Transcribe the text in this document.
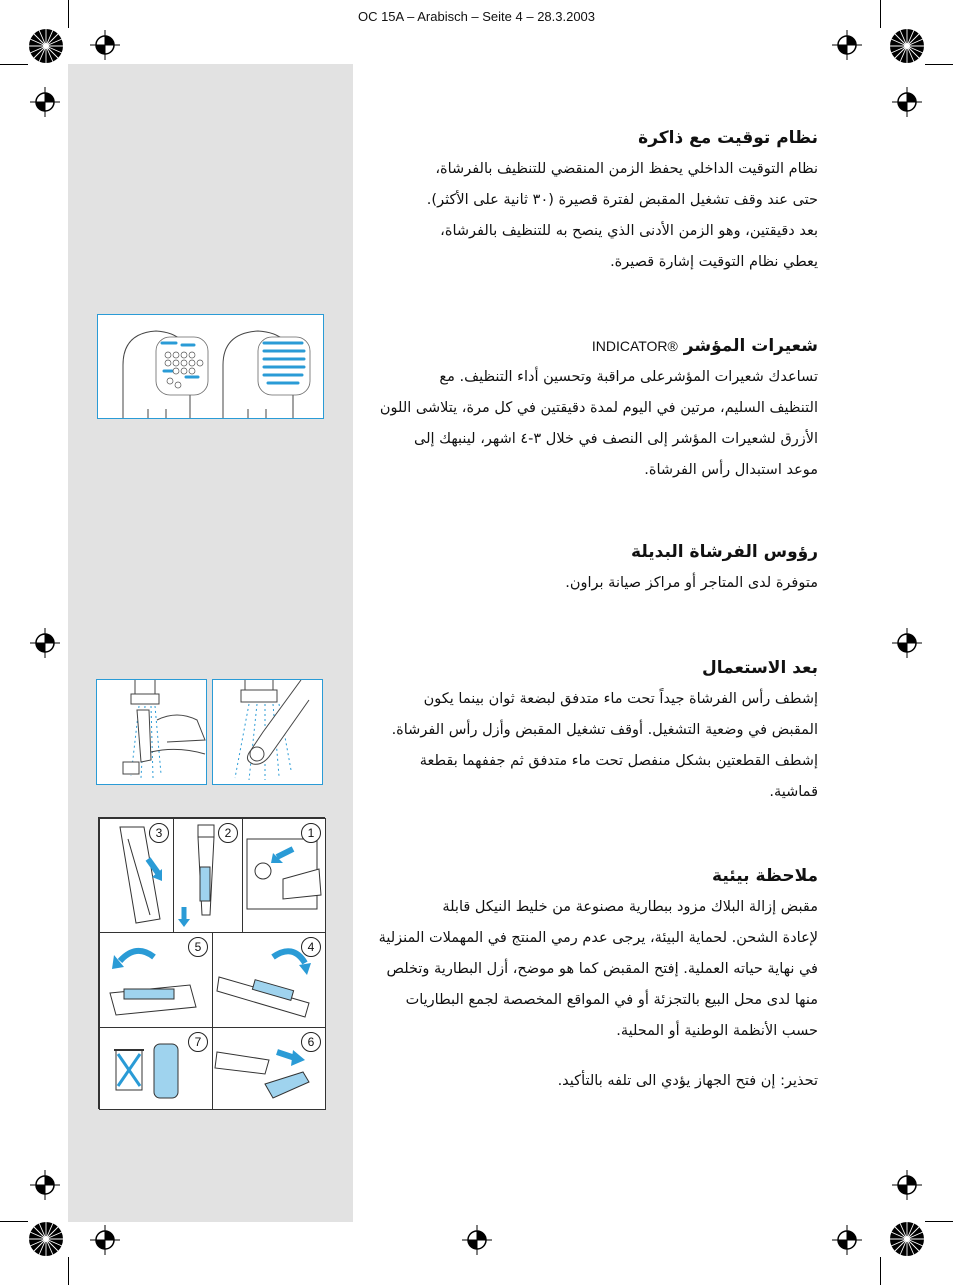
OC 15A – Arabisch – Seite 4 – 28.3.2003

نظام توقيت مع ذاكرة

نظام التوقيت الداخلي يحفظ الزمن المنقضي للتنظيف بالفرشاة،

حتى عند وقف تشغيل المقبض لفترة قصيرة (٣٠ ثانية على الأكثر).

بعد دقيقتين، وهو الزمن الأدنى الذي ينصح به للتنظيف بالفرشاة،

يعطي نظام التوقيت إشارة قصيرة.

شعيرات المؤشر INDICATOR®

تساعدك شعيرات المؤشرعلى مراقبة وتحسين أداء التنظيف. مع

التنظيف السليم، مرتين في اليوم لمدة دقيقتين في كل مرة، يتلاشى اللون

الأزرق لشعيرات المؤشر إلى النصف في خلال ٣-٤ اشهر، لينبهك إلى

موعد استبدال رأس الفرشاة.

رؤوس الفرشاة البديلة

متوفرة لدى المتاجر أو مراكز صيانة براون.

بعد الاستعمال

إشطف رأس الفرشاة جيداً تحت ماء متدفق لبضعة ثوان بينما يكون

المقبض في وضعية التشغيل. أوقف تشغيل المقبض وأزل رأس الفرشاة.

إشطف القطعتين بشكل منفصل تحت ماء متدفق ثم جففهما بقطعة

قماشية.

ملاحظة بيئية

مقبض إزالة البلاك مزود ببطارية مصنوعة من خليط النيكل قابلة

لإعادة الشحن. لحماية البيئة، يرجى عدم رمي المنتج في المهملات المنزلية

في نهاية حياته العملية. إفتح المقبض كما هو موضح، أزل البطارية وتخلص

منها لدى محل البيع بالتجزئة أو في المواقع المخصصة لجمع البطاريات

حسب الأنظمة الوطنية أو المحلية.

تحذير: إن فتح الجهاز يؤدي الى تلفه بالتأكيد.

3	2	1
5	4
7	6
